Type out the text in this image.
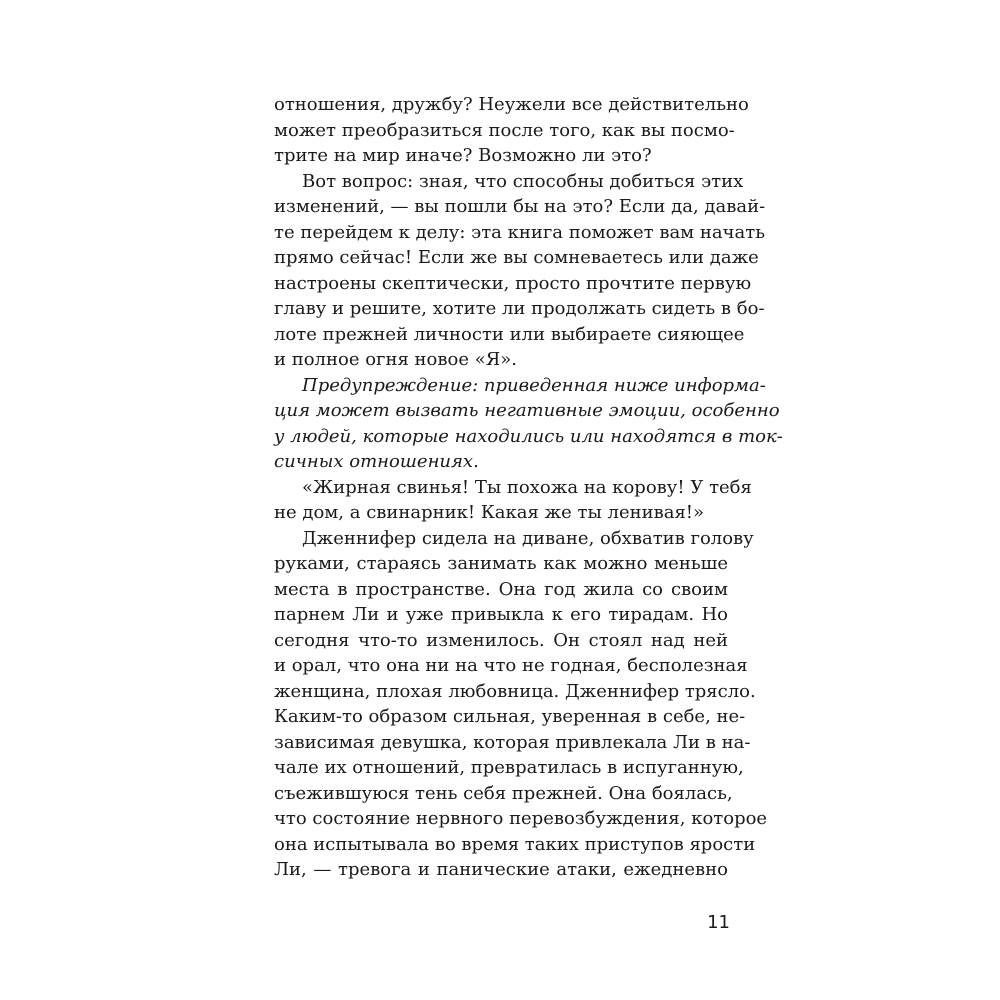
отношения, дружбу? Неужели все действительно
может преобразиться после того, как вы посмо-
трите на мир иначе? Возможно ли это?
Вот вопрос: зная, что способны добиться этих
изменений, — вы пошли бы на это? Если да, давай-
те перейдем к делу: эта книга поможет вам начать
прямо сейчас! Если же вы сомневаетесь или даже
настроены скептически, просто прочтите первую
главу и решите, хотите ли продолжать сидеть в бо-
лоте прежней личности или выбираете сияющее
и полное огня новое «Я».
Предупреждение: приведенная ниже информа-
ция может вызвать негативные эмоции, особенно
у людей, которые находились или находятся в ток-
сичных отношениях.
«Жирная свинья! Ты похожа на корову! У тебя
не дом, а свинарник! Какая же ты ленивая!»
Дженнифер сидела на диване, обхватив голову
руками, стараясь занимать как можно меньше
места в пространстве. Она год жила со своим
парнем Ли и уже привыкла к его тирадам. Но
сегодня что-то изменилось. Он стоял над ней
и орал, что она ни на что не годная, бесполезная
женщина, плохая любовница. Дженнифер трясло.
Каким-то образом сильная, уверенная в себе, не-
зависимая девушка, которая привлекала Ли в на-
чале их отношений, превратилась в испуганную,
съежившуюся тень себя прежней. Она боялась,
что состояние нервного перевозбуждения, которое
она испытывала во время таких приступов ярости
Ли, — тревога и панические атаки, ежедневно
11
